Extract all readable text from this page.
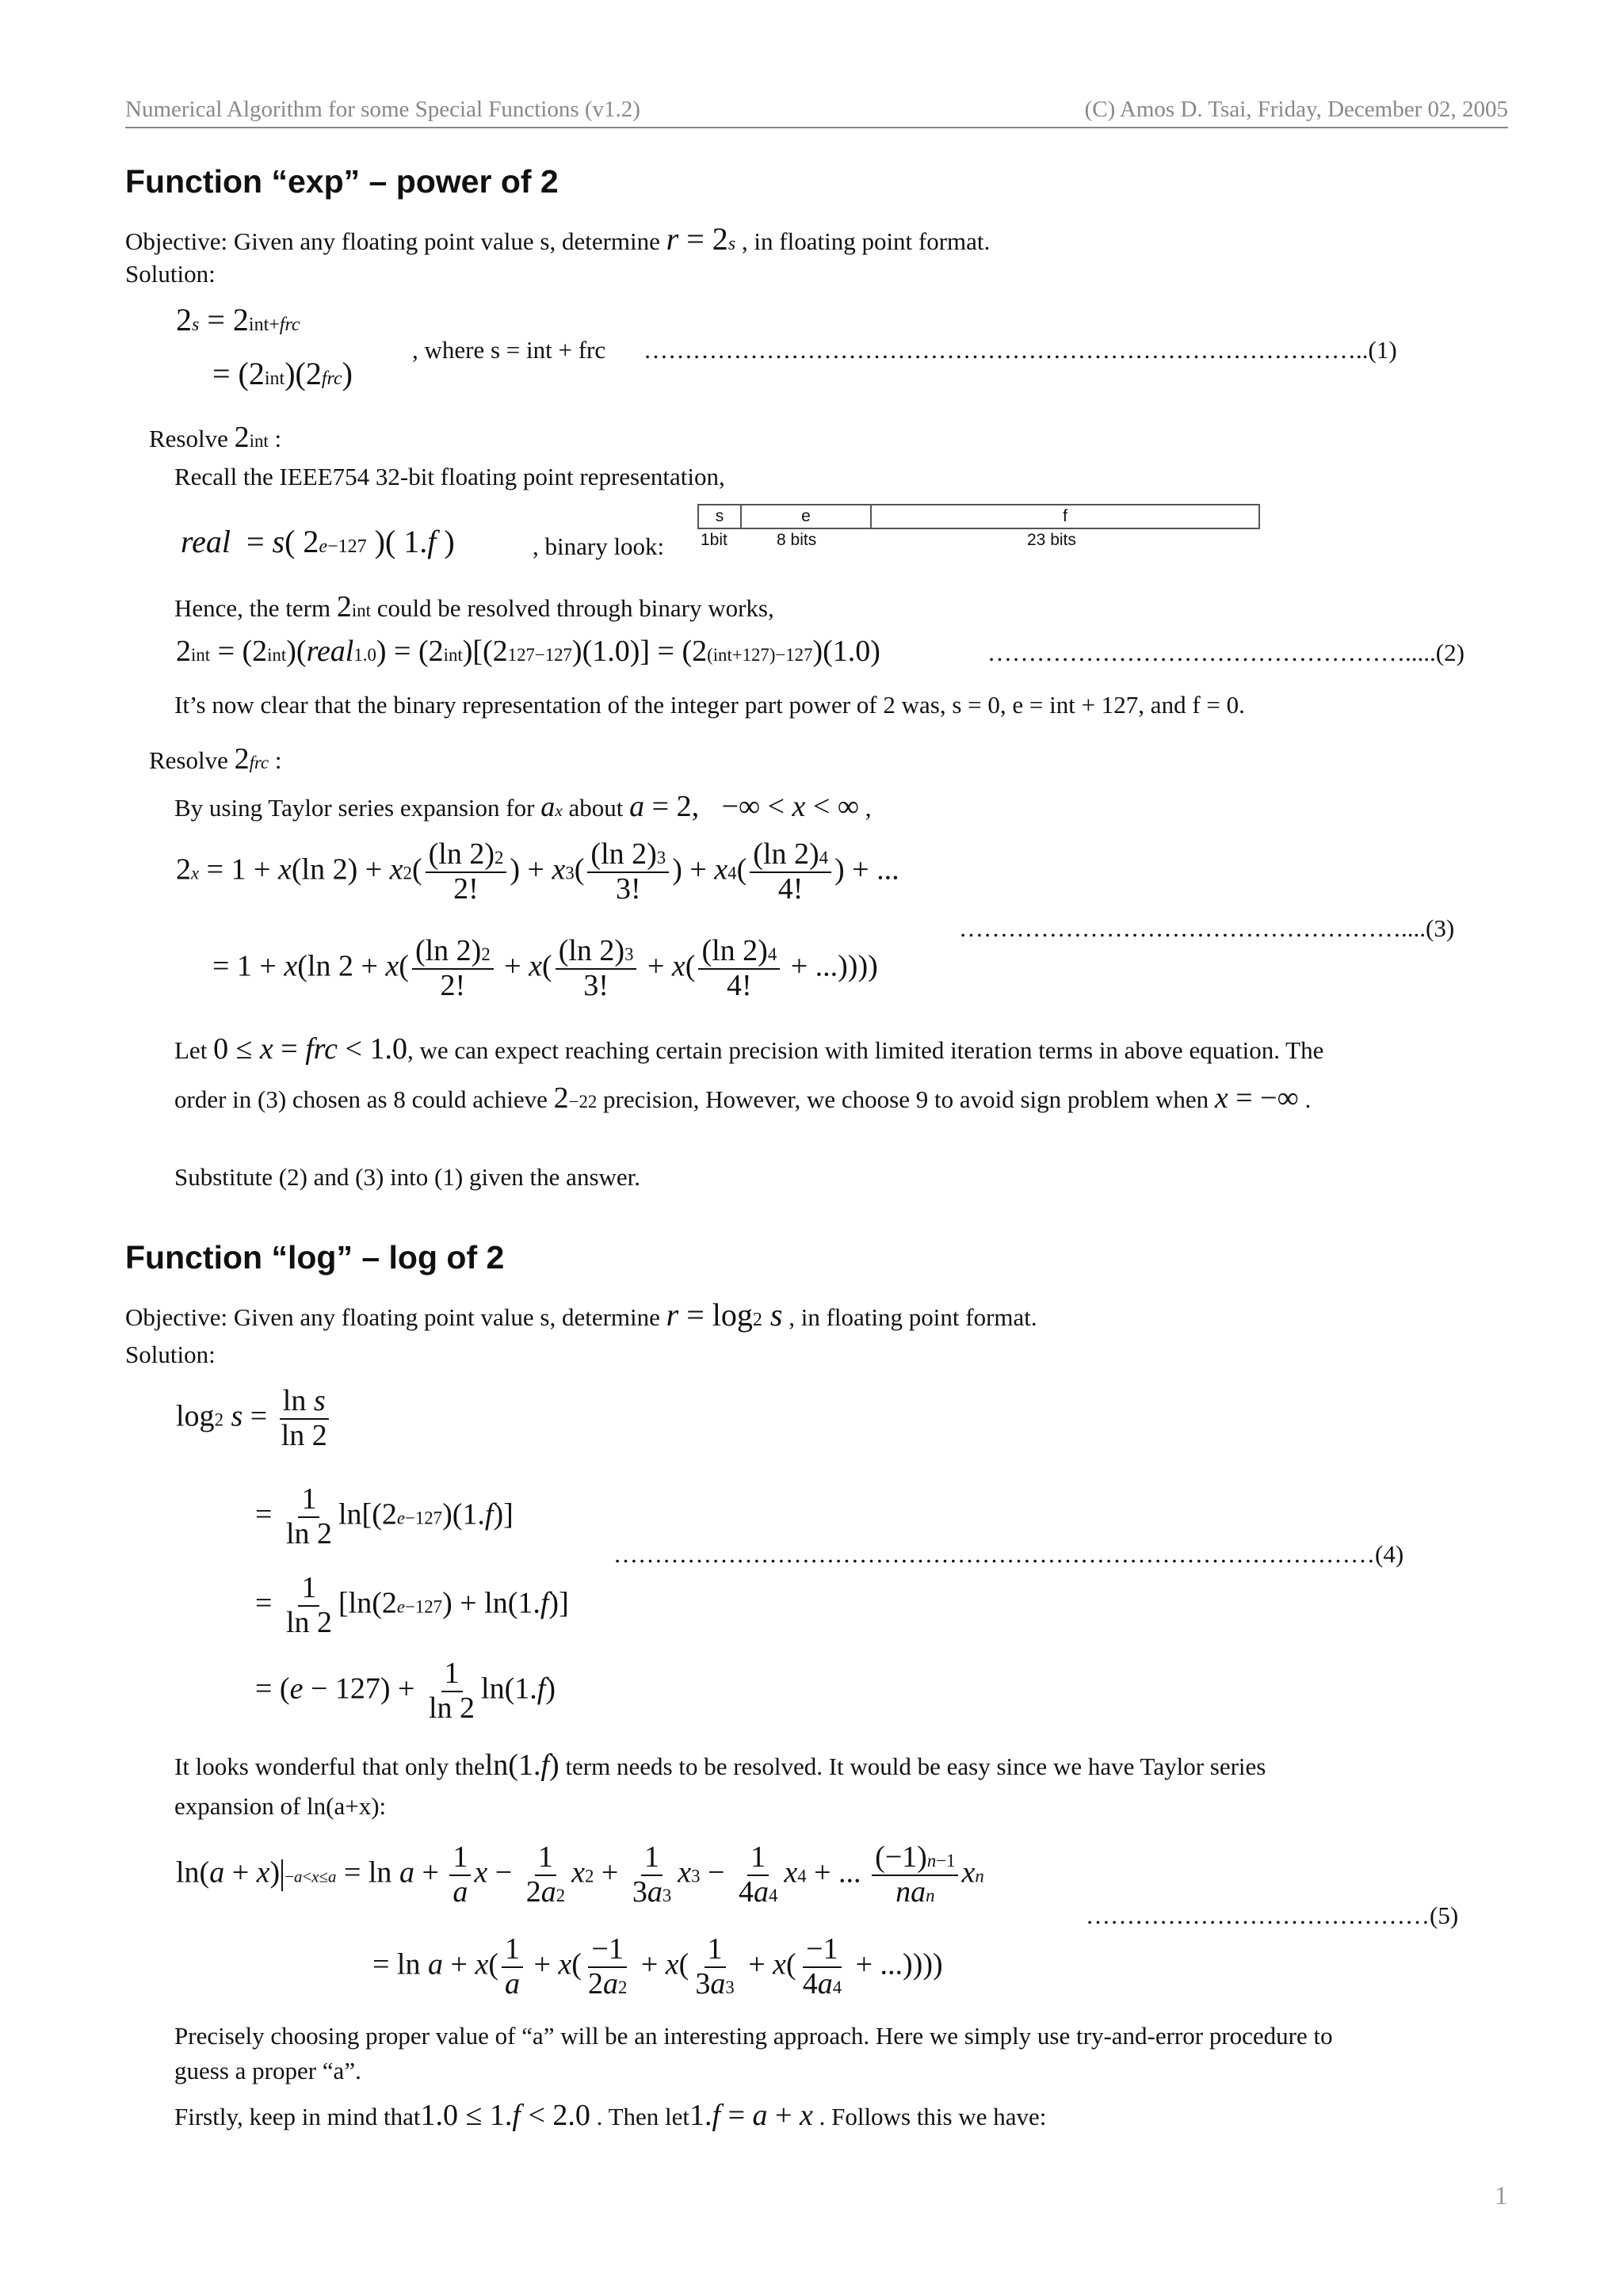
Numerical Algorithm for some Special Functions (v1.2)	(C) Amos D. Tsai, Friday, December 02, 2005
Function “exp” – power of 2
Objective: Given any floating point value s, determine $r = 2^s$ , in floating point format.
Solution:
$2^s = 2^{int+frc}$
= $(2^{int})(2^{frc})$
, where s = int + frc ……………………………………………………………………………..(1)
Resolve $2^{int}$ :
Recall the IEEE754 32-bit floating point representation,
real  = s( $2^{e-127}$ )( 1.f )	, binary look:
s	e	f
1bit	8 bits	23 bits
Hence, the term $2^{int}$ could be resolved through binary works,
$2^{int}$ = $(2^{int})(real_{1.0}) = (2^{int})[(2^{127-127})(1.0)] = (2^{(int+127)-127})(1.0)$	…………………………………………….....(2)
It’s now clear that the binary representation of the integer part power of 2 was, s = 0, e = int + 127, and f = 0.
Resolve $2^{frc}$ :
By using Taylor series expansion for $a^x$ about a = 2,   −∞ < x < ∞ ,
$2^x = 1 + x(\ln$ $2) + x^2( \frac{(\ln 2)^2}{2!}$ ) + $x^3( \frac{(\ln 2)^3}{3!}$ ) + $x^4( \frac{(\ln 2)^4}{4!}$ ) + ...
= 1 + x(ln $2 + x( \frac{(\ln 2)^2}{2!} + x( \frac{(\ln 2)^3}{3!} + x( \frac{(\ln 2)^4}{4!}$ + ...))))
………………………………………………....(3)
Let 0 ≤ x = frc < 1.0, we can expect reaching certain precision with limited iteration terms in above equation. The
order in (3) chosen as 8 could achieve $2^{-22}$ precision, However, we choose 9 to avoid sign problem when x = −∞ .
Substitute (2) and (3) into (1) given the answer.
Function “log” – log of 2
Objective: Given any floating point value s, determine $r = \log_2 s$ , in floating point format.
Solution:
$\log_2 s = \frac{\text{ln s}}{\ln 2}$
= $\frac{1}{\ln 2} \ln[(2^{e-127})(1.f)]$
= $\frac{1}{\ln 2} [\ln(2^{e-127}) + \ln(1.f)]$
= $(e - 127) + \frac{1}{\ln 2} \ln(1.f)$
…………………………………………………………………………………(4)
It looks wonderful that only theln(1.f) term needs to be resolved. It would be easy since we have Taylor series
expansion of ln(a+x):
ln(a + x) $_{-a<x\le a} = \ln a + \frac{1}{a}$ $x - \frac{1}{2a^2} x^2 + \frac{1}{3a^3} x^3 - \frac{1}{4a^4} x^4$ + ... $\frac{(-1)^{n-1}}{na^n} x^n$
= $\ln a + x( \frac{1}{a} + x( \frac{-1}{2a^2} + x( \frac{1}{3a^3} + x( \frac{-1}{4a^4}$ + ...))))
……………………………………(5)
Precisely choosing proper value of “a” will be an interesting approach. Here we simply use try-and-error procedure to
guess a proper “a”.
Firstly, keep in mind that1.0 ≤ 1.f < 2.0 . Then let1.f = a + x . Follows this we have:
1
